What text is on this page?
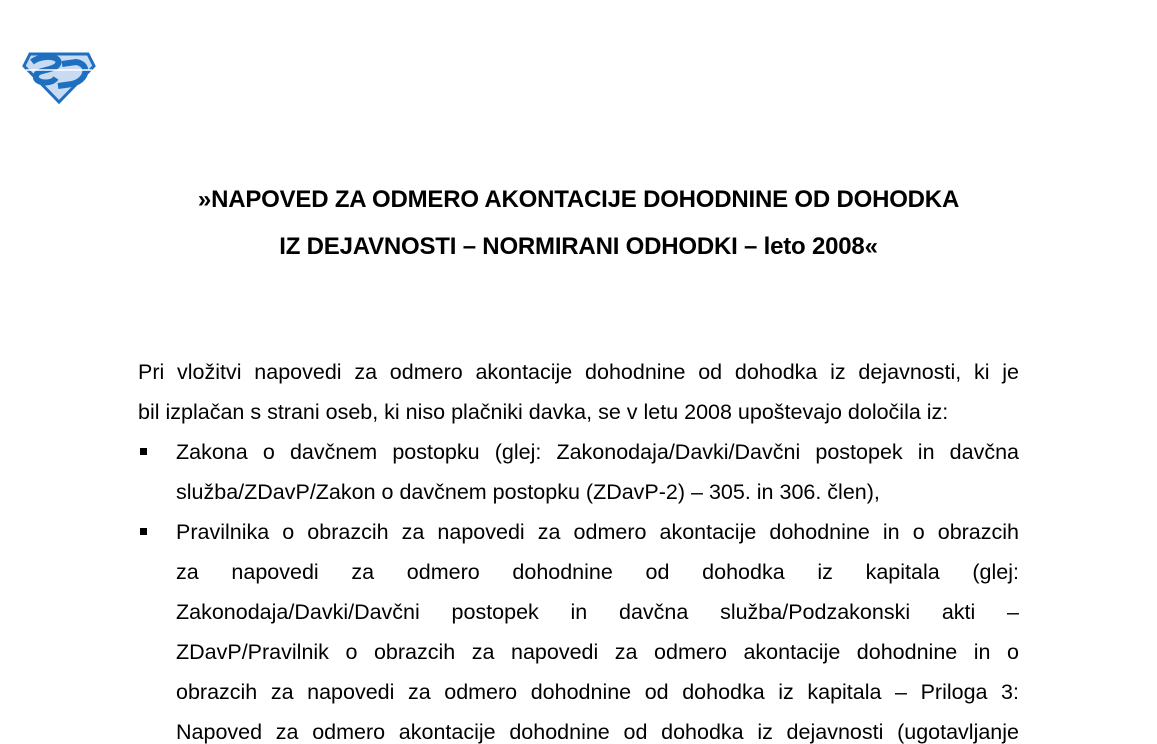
»NAPOVED ZA ODMERO AKONTACIJE DOHODNINE OD DOHODKA
IZ DEJAVNOSTI – NORMIRANI ODHODKI – leto 2008«
Pri vložitvi napovedi za odmero akontacije dohodnine od dohodka iz dejavnosti, ki je
bil izplačan s strani oseb, ki niso plačniki davka, se v letu 2008 upoštevajo določila iz:
Zakona o davčnem postopku (glej: Zakonodaja/Davki/Davčni postopek in davčna
služba/ZDavP/Zakon o davčnem postopku (ZDavP-2) – 305. in 306. člen),
Pravilnika o obrazcih za napovedi za odmero akontacije dohodnine in o obrazcih
za napovedi za odmero dohodnine od dohodka iz kapitala (glej:
Zakonodaja/Davki/Davčni postopek in davčna služba/Podzakonski akti –
ZDavP/Pravilnik o obrazcih za napovedi za odmero akontacije dohodnine in o
obrazcih za napovedi za odmero dohodnine od dohodka iz kapitala – Priloga 3:
Napoved za odmero akontacije dohodnine od dohodka iz dejavnosti (ugotavljanje
